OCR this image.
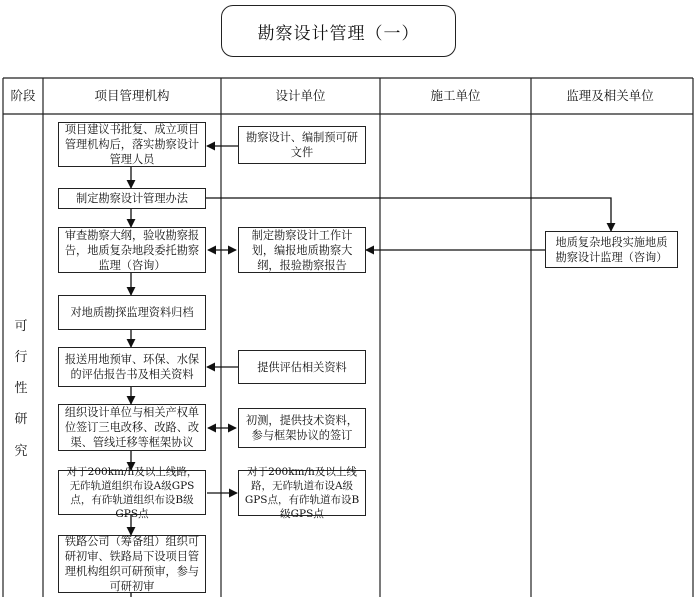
勘察设计管理（一）
阶段	项目管理机构	设计单位	施工单位	监理及相关单位
可
行
性
研
究
项目建议书批复、成立项目管理机构后，落实勘察设计管理人员
制定勘察设计管理办法
审查勘察大纲，验收勘察报告，地质复杂地段委托勘察监理（咨询）
对地质勘探监理资料归档
报送用地预审、环保、水保的评估报告书及相关资料
组织设计单位与相关产权单位签订三电改移、改路、改渠、管线迁移等框架协议
对于200km/h及以上线路，无砟轨道组织布设A级GPS点，有砟轨道组织布设B级GPS点
铁路公司（筹备组）组织可研初审、铁路局下设项目管理机构组织可研预审，参与可研初审
勘察设计、编制预可研文件
制定勘察设计工作计划，编报地质勘察大纲，报验勘察报告
提供评估相关资料
初测，提供技术资料，参与框架协议的签订
对于200km/h及以上线路，无砟轨道布设A级GPS点，有砟轨道布设B级GPS点
地质复杂地段实施地质勘察设计监理（咨询）
